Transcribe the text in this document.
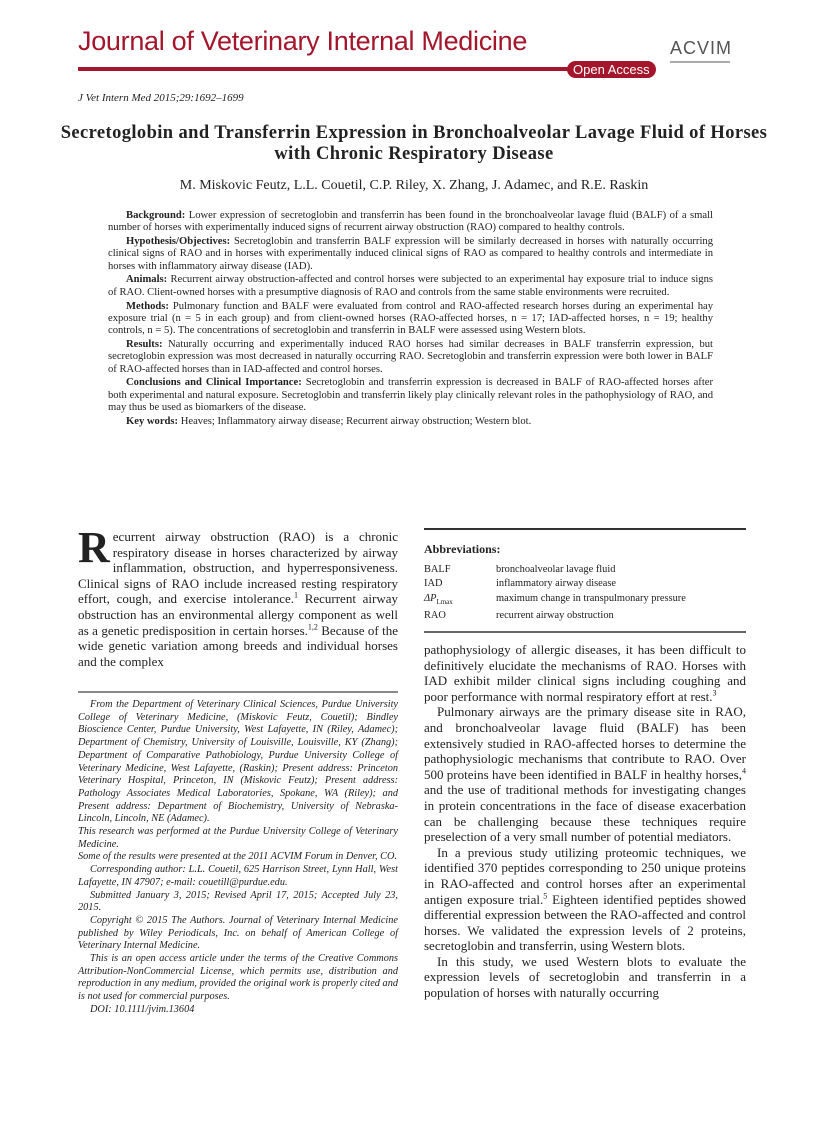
Journal of Veterinary Internal Medicine
Open Access
ACVIM
J Vet Intern Med 2015;29:1692–1699
Secretoglobin and Transferrin Expression in Bronchoalveolar Lavage Fluid of Horses with Chronic Respiratory Disease
M. Miskovic Feutz, L.L. Couetil, C.P. Riley, X. Zhang, J. Adamec, and R.E. Raskin

Background: Lower expression of secretoglobin and transferrin has been found in the bronchoalveolar lavage fluid (BALF) of a small number of horses with experimentally induced signs of recurrent airway obstruction (RAO) compared to healthy controls.

Hypothesis/Objectives: Secretoglobin and transferrin BALF expression will be similarly decreased in horses with naturally occurring clinical signs of RAO and in horses with experimentally induced clinical signs of RAO as compared to healthy controls and intermediate in horses with inflammatory airway disease (IAD).

Animals: Recurrent airway obstruction-affected and control horses were subjected to an experimental hay exposure trial to induce signs of RAO. Client-owned horses with a presumptive diagnosis of RAO and controls from the same stable environments were recruited.

Methods: Pulmonary function and BALF were evaluated from control and RAO-affected research horses during an experimental hay exposure trial (n = 5 in each group) and from client-owned horses (RAO-affected horses, n = 17; IAD-affected horses, n = 19; healthy controls, n = 5). The concentrations of secretoglobin and transferrin in BALF were assessed using Western blots.

Results: Naturally occurring and experimentally induced RAO horses had similar decreases in BALF transferrin expression, but secretoglobin expression was most decreased in naturally occurring RAO. Secretoglobin and transferrin expression were both lower in BALF of RAO-affected horses than in IAD-affected and control horses.

Conclusions and Clinical Importance: Secretoglobin and transferrin expression is decreased in BALF of RAO-affected horses after both experimental and natural exposure. Secretoglobin and transferrin likely play clinically relevant roles in the pathophysiology of RAO, and may thus be used as biomarkers of the disease.

Key words: Heaves; Inflammatory airway disease; Recurrent airway obstruction; Western blot.

Recurrent airway obstruction (RAO) is a chronic respiratory disease in horses characterized by airway inflammation, obstruction, and hyperresponsiveness. Clinical signs of RAO include increased resting respiratory effort, cough, and exercise intolerance.$^1$ Recurrent airway obstruction has an environmental allergy component as well as a genetic predisposition in certain horses.$^{1,2}$ Because of the wide genetic variation among breeds and individual horses and the complex

From the Department of Veterinary Clinical Sciences, Purdue University College of Veterinary Medicine, (Miskovic Feutz, Couetil); Bindley Bioscience Center, Purdue University, West Lafayette, IN (Riley, Adamec); Department of Chemistry, University of Louisville, Louisville, KY (Zhang); Department of Comparative Pathobiology, Purdue University College of Veterinary Medicine, West Lafayette, (Raskin); Present address: Princeton Veterinary Hospital, Princeton, IN (Miskovic Feutz); Present address: Pathology Associates Medical Laboratories, Spokane, WA (Riley); and Present address: Department of Biochemistry, University of Nebraska-Lincoln, Lincoln, NE (Adamec).

This research was performed at the Purdue University College of Veterinary Medicine.

Some of the results were presented at the 2011 ACVIM Forum in Denver, CO.

Corresponding author: L.L. Couetil, 625 Harrison Street, Lynn Hall, West Lafayette, IN 47907; e-mail: couetill@purdue.edu.

Submitted January 3, 2015; Revised April 17, 2015; Accepted July 23, 2015.

Copyright © 2015 The Authors. Journal of Veterinary Internal Medicine published by Wiley Periodicals, Inc. on behalf of American College of Veterinary Internal Medicine.

This is an open access article under the terms of the Creative Commons Attribution-NonCommercial License, which permits use, distribution and reproduction in any medium, provided the original work is properly cited and is not used for commercial purposes.

DOI: 10.1111/jvim.13604

Abbreviations:
BALF	bronchoalveolar lavage fluid
IAD	inflammatory airway disease
$\Delta P_{Lmax}$	maximum change in transpulmonary pressure
RAO	recurrent airway obstruction

pathophysiology of allergic diseases, it has been difficult to definitively elucidate the mechanisms of RAO. Horses with IAD exhibit milder clinical signs including coughing and poor performance with normal respiratory effort at rest.$^3$

Pulmonary airways are the primary disease site in RAO, and bronchoalveolar lavage fluid (BALF) has been extensively studied in RAO-affected horses to determine the pathophysiologic mechanisms that contribute to RAO. Over 500 proteins have been identified in BALF in healthy horses,$^4$ and the use of traditional methods for investigating changes in protein concentrations in the face of disease exacerbation can be challenging because these techniques require preselection of a very small number of potential mediators.

In a previous study utilizing proteomic techniques, we identified 370 peptides corresponding to 250 unique proteins in RAO-affected and control horses after an experimental antigen exposure trial.$^5$ Eighteen identified peptides showed differential expression between the RAO-affected and control horses. We validated the expression levels of 2 proteins, secretoglobin and transferrin, using Western blots.

In this study, we used Western blots to evaluate the expression levels of secretoglobin and transferrin in a population of horses with naturally occurring
